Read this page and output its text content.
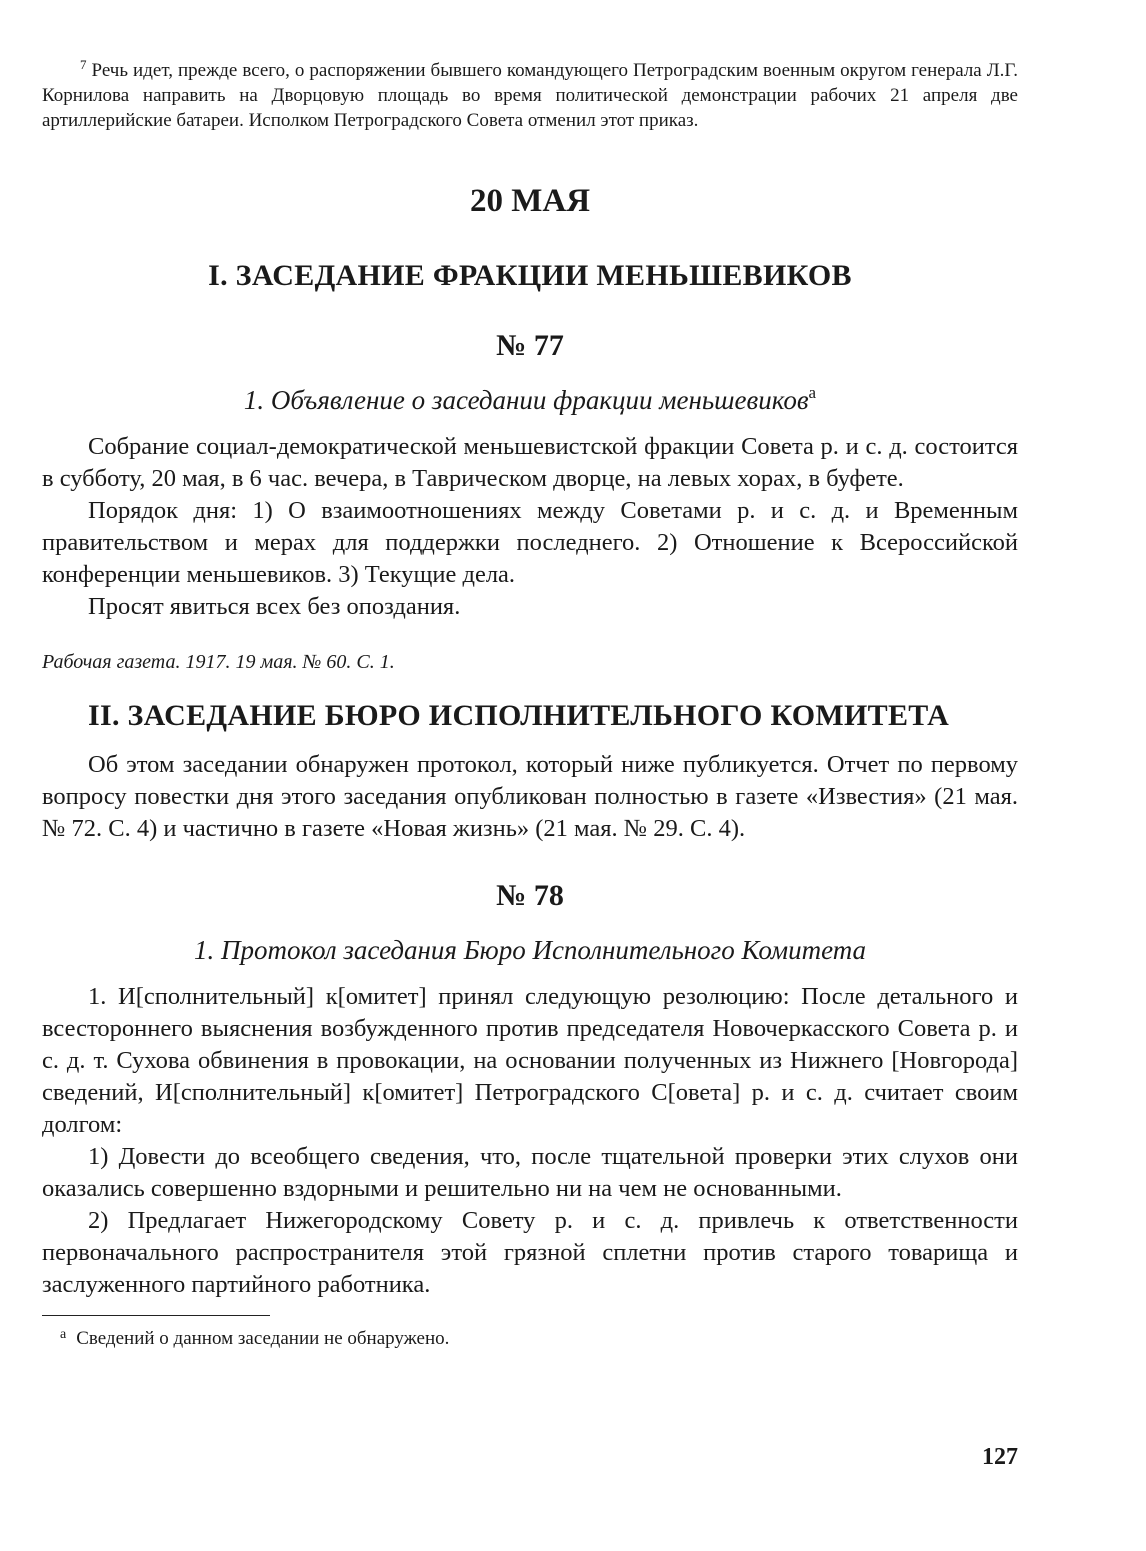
$^7$ Речь идет, прежде всего, о распоряжении бывшего командующего Петроградским военным округом генерала Л.Г. Корнилова направить на Дворцовую площадь во время политической демонстрации рабочих 21 апреля две артиллерийские батареи. Исполком Петроградского Совета отменил этот приказ.

20 МАЯ
I. ЗАСЕДАНИЕ ФРАКЦИИ МЕНЬШЕВИКОВ
№ 77
1. Объявление о заседании фракции меньшевиков$^а$

Собрание социал-демократической меньшевистской фракции Совета р. и с. д. состоится в субботу, 20 мая, в 6 час. вечера, в Таврическом дворце, на левых хорах, в буфете.

Порядок дня: 1) О взаимоотношениях между Советами р. и с. д. и Временным правительством и мерах для поддержки последнего. 2) Отношение к Всероссийской конференции меньшевиков. 3) Текущие дела.

Просят явиться всех без опоздания.

Рабочая газета. 1917. 19 мая. № 60. С. 1.
II. ЗАСЕДАНИЕ БЮРО ИСПОЛНИТЕЛЬНОГО КОМИТЕТА

Об этом заседании обнаружен протокол, который ниже публикуется. Отчет по первому вопросу повестки дня этого заседания опубликован полностью в газете «Известия» (21 мая. № 72. С. 4) и частично в газете «Новая жизнь» (21 мая. № 29. С. 4).

№ 78
1. Протокол заседания Бюро Исполнительного Комитета

1. И[сполнительный] к[омитет] принял следующую резолюцию: После детального и всестороннего выяснения возбужденного против председателя Новочеркасского Совета р. и с. д. т. Сухова обвинения в провокации, на основании полученных из Нижнего [Новгорода] сведений, И[сполнительный] к[омитет] Петроградского С[овета] р. и с. д. считает своим долгом:

1) Довести до всеобщего сведения, что, после тщательной проверки этих слухов они оказались совершенно вздорными и решительно ни на чем не основанными.

2) Предлагает Нижегородскому Совету р. и с. д. привлечь к ответственности первоначального распространителя этой грязной сплетни против старого товарища и заслуженного партийного работника.

$^а$ Сведений о данном заседании не обнаружено.

127
